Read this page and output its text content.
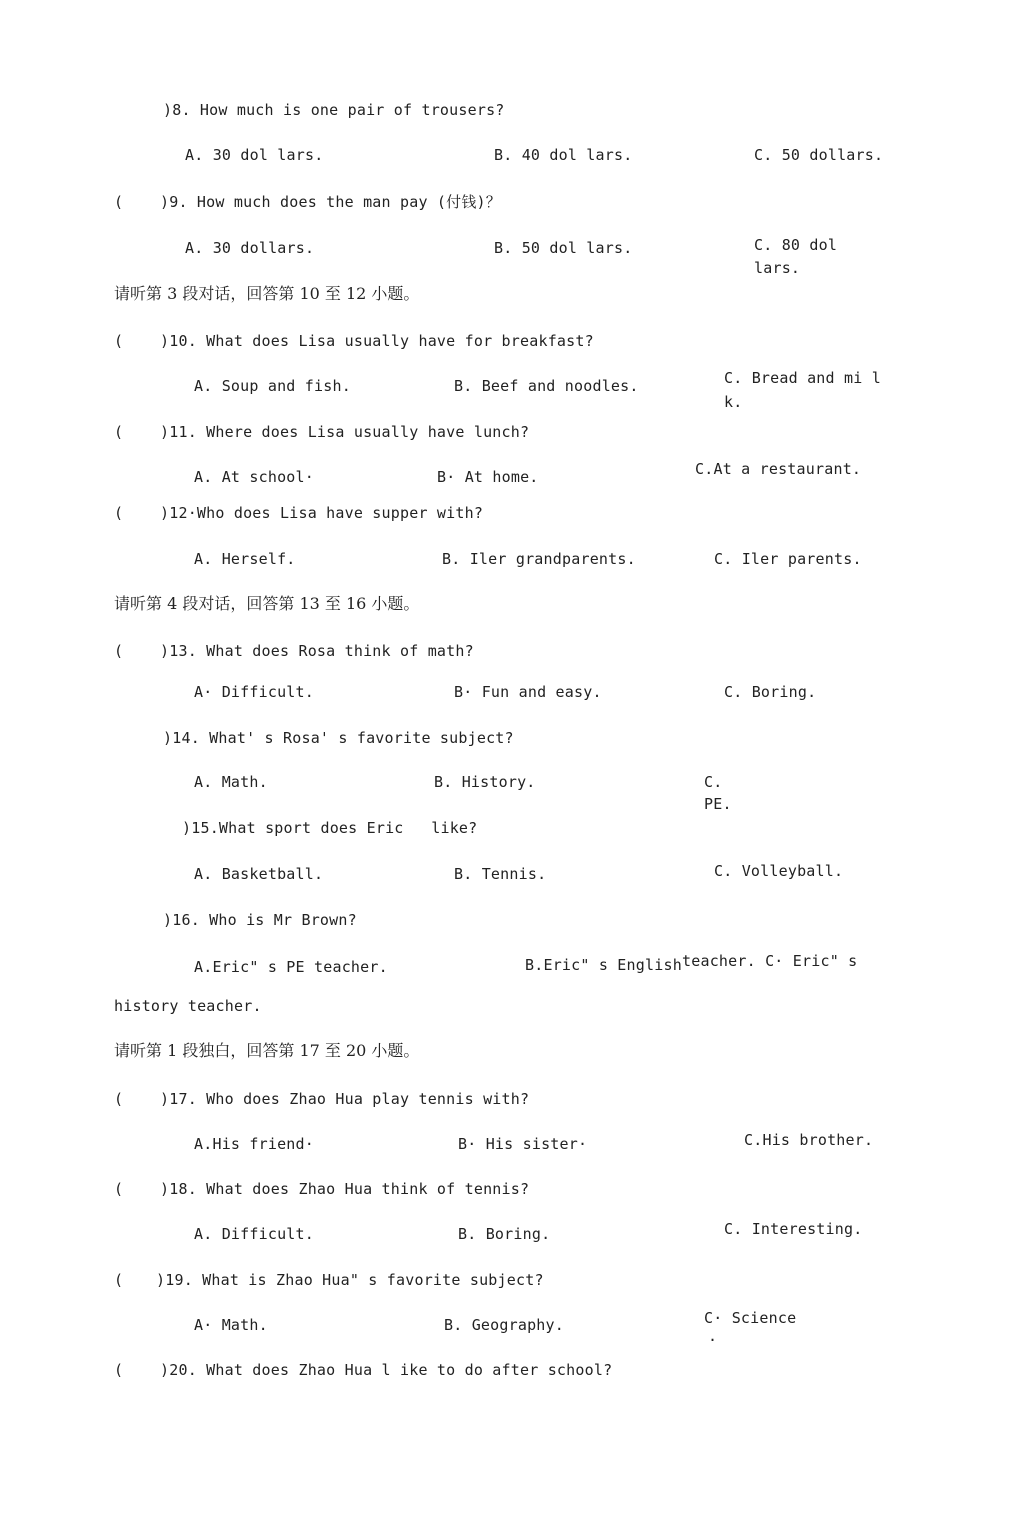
)8. How much is one pair of trousers?
A. 30 dol lars.	B. 40 dol lars.	C. 50 dollars.
( )9. How much does the man pay (付钱)？
A. 30 dollars.	B. 50 dol lars.	C. 80 dol
lars.
请听第 3 段对话，回答第 10 至 12 小题。
( )10. What does Lisa usually have for breakfast?
A. Soup and fish.	B. Beef and noodles.	C. Bread and mi l
k.
( )11. Where does Lisa usually have lunch?
A. At school·	B· At home.	C.At a restaurant.
( )12·Who does Lisa have supper with?
A. Herself.	B. Iler grandparents.	C. Iler parents.
请听第 4 段对话，回答第 13 至 16 小题。
( )13. What does Rosa think of math?
A· Difficult.	B· Fun and easy.	C. Boring.
)14. What' s Rosa' s favorite subject?
A. Math.	B. History.	C.
PE.
)15.What sport does Eric   like?
A. Basketball.	B. Tennis.	C. Volleyball.
)16. Who is Mr Brown?
A.Eric" s PE teacher.	B.Eric" s English teacher. C· Eric" s
history teacher.
请听第 1 段独白，回答第 17 至 20 小题。
( )17. Who does Zhao Hua play tennis with?
A.His friend·	B· His sister·	C.His brother.
( )18. What does Zhao Hua think of tennis?
A. Difficult.	B. Boring.	C. Interesting.
( )19. What is Zhao Hua" s favorite subject?
A· Math.	B. Geography.	C· Science
·
( )20. What does Zhao Hua l ike to do after school?
